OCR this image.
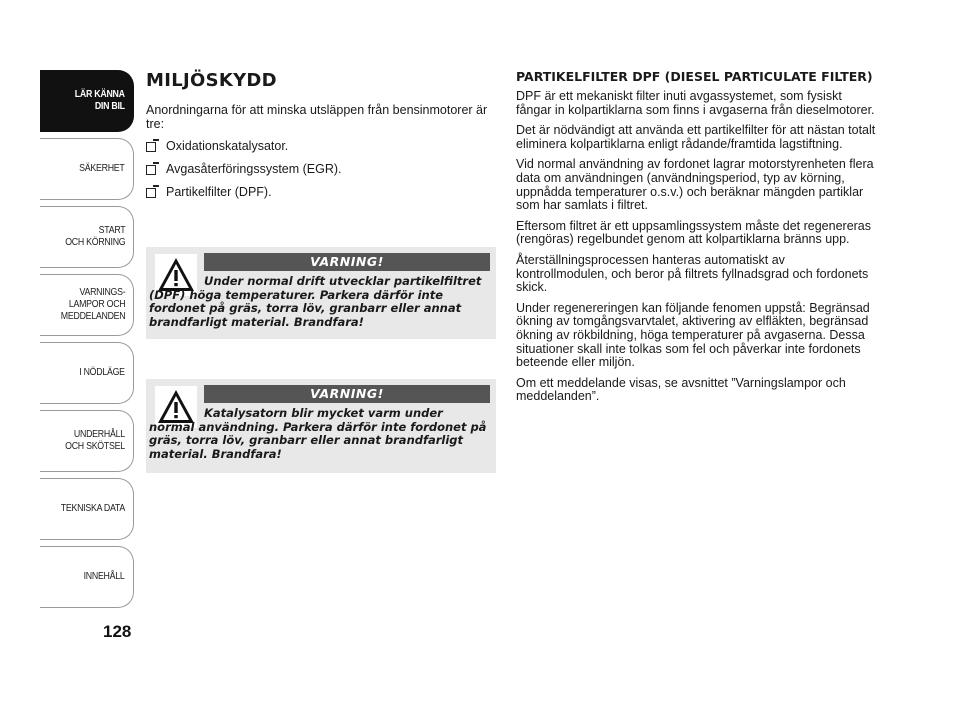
LÄR KÄNNA
DIN BIL
SÄKERHET
START
OCH KÖRNING
VARNINGS-
LAMPOR OCH
MEDDELANDEN
I NÖDLÄGE
UNDERHÅLL
OCH SKÖTSEL
TEKNISKA DATA
INNEHÅLL
128
MILJÖSKYDD

Anordningarna för att minska utsläppen från bensinmotorer är tre:

Oxidationskatalysator.
Avgasåterföringssystem (EGR).
Partikelfilter (DPF).
VARNING!
Under normal drift utvecklar partikelfiltret (DPF) höga temperaturer. Parkera därför inte fordonet på gräs, torra löv, granbarr eller annat brandfarligt material. Brandfara!
VARNING!
Katalysatorn blir mycket varm under normal användning. Parkera därför inte fordonet på gräs, torra löv, granbarr eller annat brandfarligt material. Brandfara!
PARTIKELFILTER DPF (DIESEL PARTICULATE FILTER)

DPF är ett mekaniskt filter inuti avgassystemet, som fysiskt fångar in kolpartiklarna som finns i avgaserna från dieselmotorer.

Det är nödvändigt att använda ett partikelfilter för att nästan totalt eliminera kolpartiklarna enligt rådande/framtida lagstiftning.

Vid normal användning av fordonet lagrar motorstyrenheten flera data om användningen (användningsperiod, typ av körning, uppnådda temperaturer o.s.v.) och beräknar mängden partiklar som har samlats i filtret.

Eftersom filtret är ett uppsamlingssystem måste det regenereras (rengöras) regelbundet genom att kolpartiklarna bränns upp.

Återställningsprocessen hanteras automatiskt av kontrollmodulen, och beror på filtrets fyllnadsgrad och fordonets skick.

Under regenereringen kan följande fenomen uppstå: Begränsad ökning av tomgångsvarvtalet, aktivering av elfläkten, begränsad ökning av rökbildning, höga temperaturer på avgaserna. Dessa situationer skall inte tolkas som fel och påverkar inte fordonets beteende eller miljön.

Om ett meddelande visas, se avsnittet ”Varningslampor och meddelanden”.
